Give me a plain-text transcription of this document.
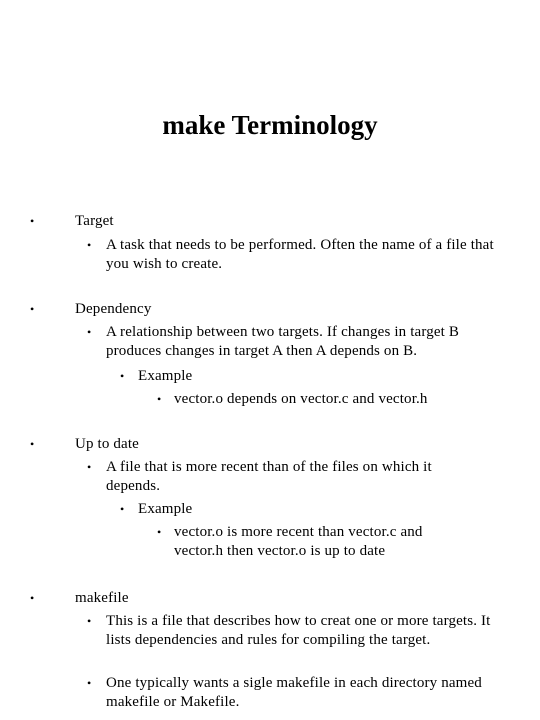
make Terminology
•	Target
• A task that needs to be performed. Often the name of a file that you wish to create.
•	Dependency
• A relationship between two targets. If changes in target B produces changes in target A then A depends on B.
• Example
• vector.o depends on vector.c and vector.h
•	Up to date
• A file that is more recent than of the files on which it depends.
• Example
• vector.o is more recent than vector.c and vector.h then vector.o is up to date
•	makefile
• This is a file that describes how to creat one or more targets. It lists dependencies and rules for compiling the target.
• One typically wants a sigle makefile in each directory named makefile or Makefile.
